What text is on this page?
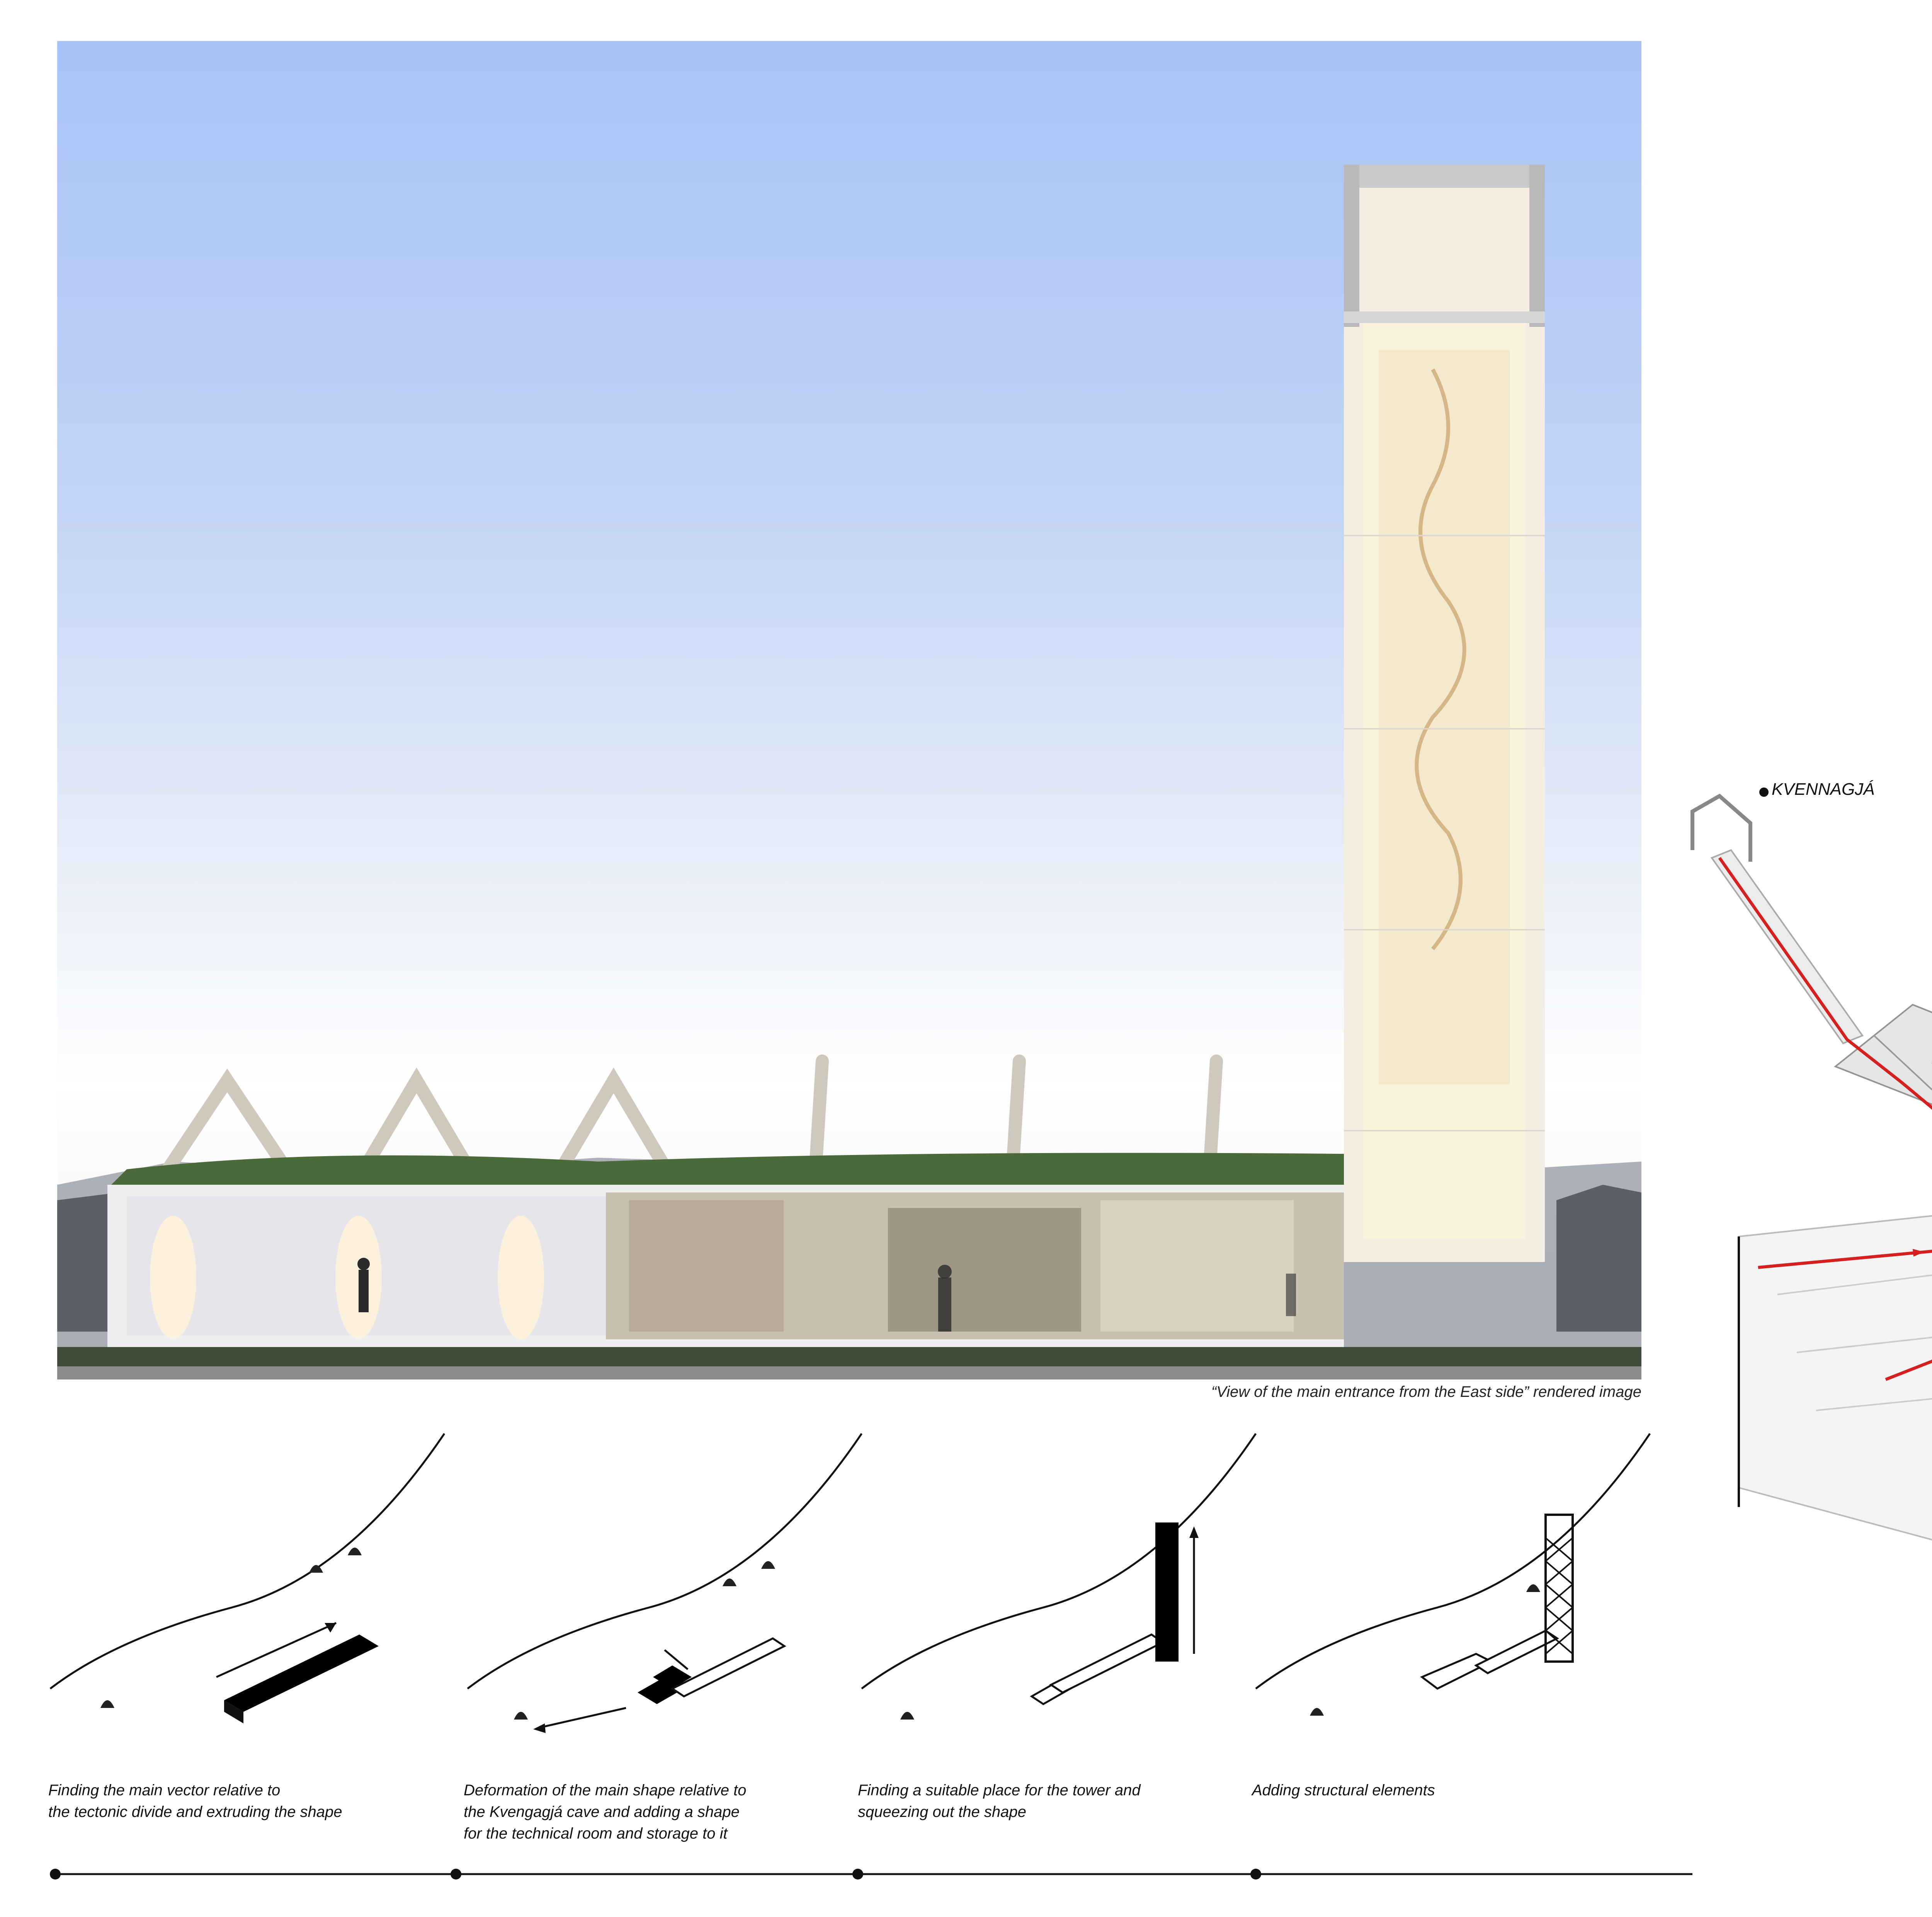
“View of the main entrance from the East side” rendered image

Finding the main vector relative to
the tectonic divide and extruding the shape
Deformation of the main shape relative to
the Kvengagjá cave and adding a shape
for the technical room and storage to it
Finding a suitable place for the tower and
squeezing out the shape
Adding structural elements
KVENNAGJÁ
